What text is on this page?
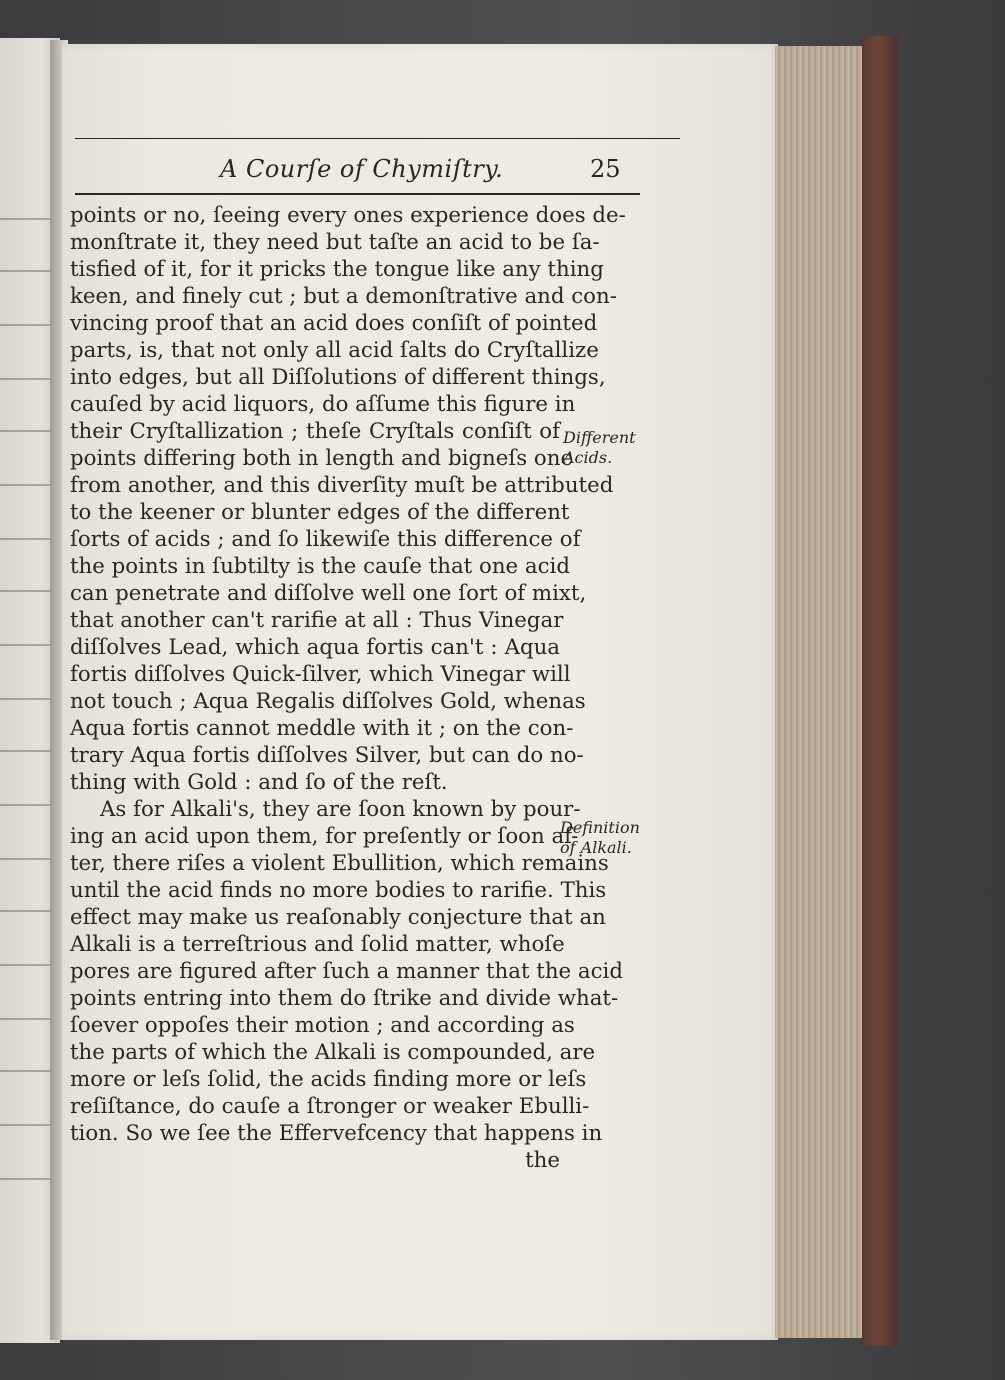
A Courſe of Chymiſtry.	25
points or no, ſeeing every ones experience does de-
monſtrate it, they need but taſte an acid to be ſa-
tisfied of it, for it pricks the tongue like any thing
keen, and finely cut ; but a demonſtrative and con-
vincing proof that an acid does conſiſt of pointed
parts, is, that not only all acid ſalts do Cryſtallize
into edges, but all Diſſolutions of different things,
cauſed by acid liquors, do aſſume this figure in
their Cryſtallization ; theſe Cryſtals conſiſt of
points differing both in length and bigneſs one
from another, and this diverſity muſt be attributed
to the keener or blunter edges of the different
ſorts of acids ; and ſo likewiſe this difference of
the points in ſubtilty is the cauſe that one acid
can penetrate and diſſolve well one ſort of mixt,
that another can't rarifie at all : Thus Vinegar
diſſolves Lead, which aqua fortis can't : Aqua
fortis diſſolves Quick-ſilver, which Vinegar will
not touch ; Aqua Regalis diſſolves Gold, whenas
Aqua fortis cannot meddle with it ; on the con-
trary Aqua fortis diſſolves Silver, but can do no-
thing with Gold : and ſo of the reſt.
As for Alkali's, they are ſoon known by pour-
ing an acid upon them, for preſently or ſoon af-
ter, there riſes a violent Ebullition, which remains
until the acid finds no more bodies to rarifie. This
effect may make us reaſonably conjecture that an
Alkali is a terreſtrious and ſolid matter, whoſe
pores are figured after ſuch a manner that the acid
points entring into them do ſtrike and divide what-
ſoever oppoſes their motion ; and according as
the parts of which the Alkali is compounded, are
more or leſs ſolid, the acids finding more or leſs
reſiſtance, do cauſe a ſtronger or weaker Ebulli-
tion. So we ſee the Effervefcency that happens in
the
Different
Acids.
Definition
of Alkali.
